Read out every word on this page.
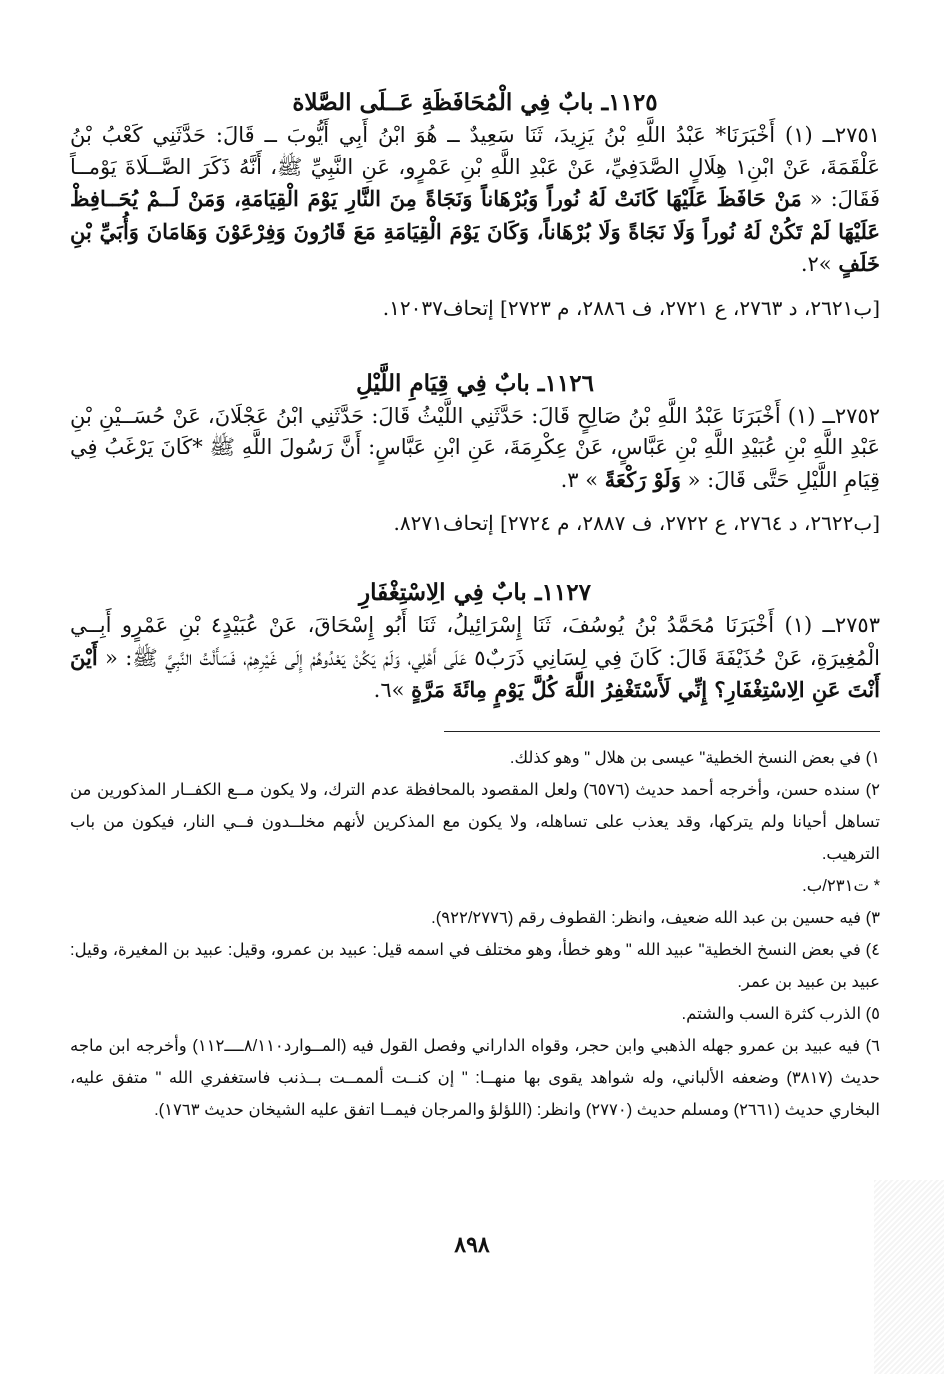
١١٢٥ـ بابٌ فِي الْمُحَافَظَةِ عَــلَى الصَّلاة

٢٧٥١ــ (١) أَخْبَرَنَا* عَبْدُ اللَّهِ بْنُ يَزِيدَ، ثَنَا سَعِيدٌ ــ هُوَ ابْنُ أَبِي أَيُّوبَ ــ قَالَ: حَدَّثَنِي كَعْبُ بْنُ عَلْقَمَةَ، عَنْ ابْنِ١ هِلَالٍ الصَّدَفِيِّ، عَنْ عَبْدِ اللَّهِ بْنِ عَمْرٍو، عَنِ النَّبِيِّ ﷺ، أَنَّهُ ذَكَرَ الصَّــلَاةَ يَوْمــاً فَقَالَ: « مَنْ حَافَظَ عَلَيْهَا كَانَتْ لَهُ نُوراً وَبُرْهَاناً وَنَجَاةً مِنَ النَّارِ يَوْمَ الْقِيَامَةِ، وَمَنْ لَــمْ يُحَــافِظْ عَلَيْهَا لَمْ تَكُنْ لَهُ نُوراً وَلَا نَجَاةً وَلَا بُرْهَاناً، وَكَانَ يَوْمَ الْقِيَامَةِ مَعَ قَارُونَ وَفِرْعَوْنَ وَهَامَانَ وَأُبَيِّ بْنِ خَلَفٍ »٢.

[ب٢٦٢١، د ٢٧٦٣، ع ٢٧٢١، ف ٢٨٨٦، م ٢٧٢٣] إتحاف١٢٠٣٧.

١١٢٦ـ بابٌ فِي قِيَامِ اللَّيْلِ

٢٧٥٢ــ (١) أَخْبَرَنَا عَبْدُ اللَّهِ بْنُ صَالِحٍ قَالَ: حَدَّثَنِي اللَّيْثُ قَالَ: حَدَّثَنِي ابْنُ عَجْلَانَ، عَنْ حُسَــيْنِ بْنِ عَبْدِ اللَّهِ بْنِ عُبَيْدِ اللَّهِ بْنِ عَبَّاسٍ، عَنْ عِكْرِمَةَ، عَنِ ابْنِ عَبَّاسٍ: أَنَّ رَسُولَ اللَّهِ ﷺ *كَانَ يَرْغَبُ فِي قِيَامِ اللَّيْلِ حَتَّى قَالَ: « وَلَوْ رَكْعَةً » ٣.

[ب٢٦٢٢، د ٢٧٦٤، ع ٢٧٢٢، ف ٢٨٨٧، م ٢٧٢٤] إتحاف٨٢٧١.

١١٢٧ـ بابٌ فِي الِاسْتِغْفَارِ

٢٧٥٣ــ (١) أَخْبَرَنَا مُحَمَّدُ بْنُ يُوسُفَ، ثَنَا إِسْرَائِيلُ، ثَنَا أَبُو إِسْحَاقَ، عَنْ عُبَيْدٍ٤ بْنِ عَمْرٍو أَبِــي الْمُغِيرَةِ، عَنْ حُذَيْفَةَ قَالَ: كَانَ فِي لِسَانِي ذَرَبٌ٥ عَلَى أَهْلِي، وَلَمْ يَكُنْ يَعْدُوهُمْ إِلَى غَيْرِهِمْ، فَسَأَلْتُ النَّبِيَّ ﷺ: « أَيْنَ أَنْتَ عَنِ الِاسْتِغْفَارِ؟ إِنِّي لَأَسْتَغْفِرُ اللَّهَ كُلَّ يَوْمٍ مِائَةَ مَرَّةٍ »٦.

١) في بعض النسخ الخطية" عيسى بن هلال " وهو كذلك.

٢) سنده حسن، وأخرجه أحمد حديث (٦٥٧٦) ولعل المقصود بالمحافظة عدم الترك، ولا يكون مــع الكفــار المذكورين من تساهل أحيانا ولم يتركها، وقد يعذب على تساهله، ولا يكون مع المذكرين لأنهم مخلــدون فــي النار، فيكون من باب الترهيب.

* ت٢٣١/ب.

٣) فيه حسين بن عبد الله ضعيف، وانظر: القطوف رقم (٩٢٢/٢٧٧٦).

٤) في بعض النسخ الخطية" عبيد الله " وهو خطأ، وهو مختلف في اسمه قيل: عبيد بن عمرو، وقيل: عبيد بن المغيرة، وقيل: عبيد بن عبيد بن عمر.

٥) الذرب كثرة السب والشتم.

٦) فيه عبيد بن عمرو جهله الذهبي وابن حجر، وقواه الداراني وفصل القول فيه (المــوارد٨/١١٠ــــ١١٢) وأخرجه ابن ماجه حديث (٣٨١٧) وضعفه الألباني، وله شواهد يقوى بها منهــا: " إن كنــت ألممــت بــذنب فاستغفري الله " متفق عليه، البخاري حديث (٢٦٦١) ومسلم حديث (٢٧٧٠) وانظر: (اللؤلؤ والمرجان فيمــا اتفق عليه الشيخان حديث ١٧٦٣).

٨٩٨
